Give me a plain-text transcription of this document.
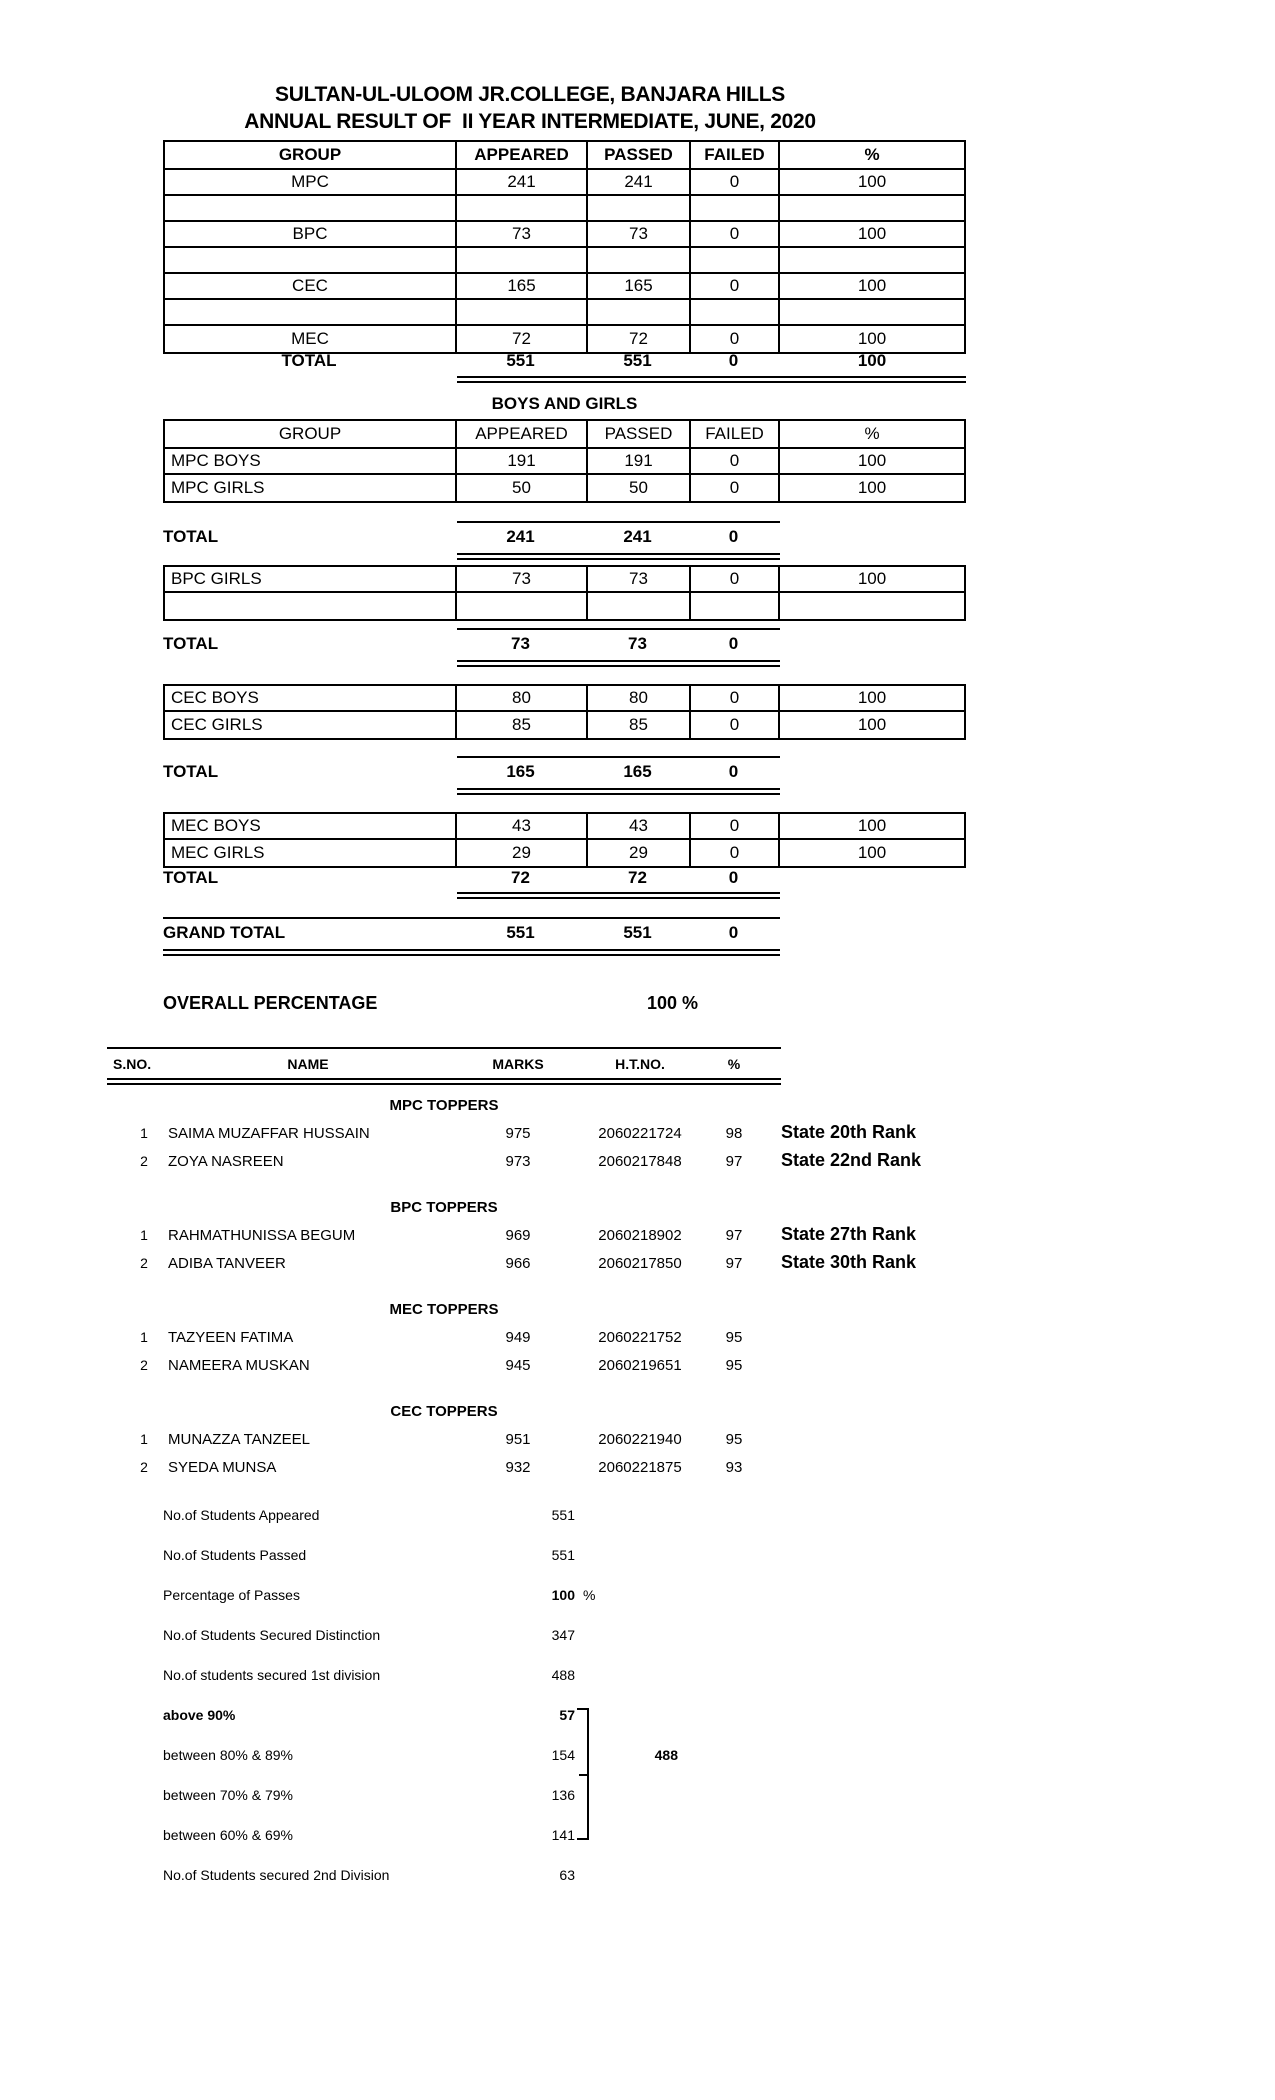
SULTAN-UL-ULOOM JR.COLLEGE, BANJARA HILLS
ANNUAL RESULT OF  II YEAR INTERMEDIATE, JUNE, 2020
GROUP	APPEARED	PASSED	FAILED	%
MPC	241	241	0	100
BPC	73	73	0	100
CEC	165	165	0	100
MEC	72	72	0	100
TOTAL	551	551	0	100
BOYS AND GIRLS
GROUP	APPEARED	PASSED	FAILED	%
MPC BOYS	191	191	0	100
MPC GIRLS	50	50	0	100
TOTAL	241	241	0
BPC GIRLS	73	73	0	100
TOTAL	73	73	0
CEC BOYS	80	80	0	100
CEC GIRLS	85	85	0	100
TOTAL	165	165	0
MEC BOYS	43	43	0	100
MEC GIRLS	29	29	0	100
TOTAL	72	72	0
GRAND TOTAL	551	551	0
OVERALL PERCENTAGE	100 %
S.NO.	NAME	MARKS	H.T.NO.	%
MPC TOPPERS
1	SAIMA MUZAFFAR HUSSAIN	975	2060221724	98	State 20th Rank
2	ZOYA NASREEN	973	2060217848	97	State 22nd Rank
BPC TOPPERS
1	RAHMATHUNISSA BEGUM	969	2060218902	97	State 27th Rank
2	ADIBA TANVEER	966	2060217850	97	State 30th Rank
MEC TOPPERS
1	TAZYEEN FATIMA	949	2060221752	95
2	NAMEERA MUSKAN	945	2060219651	95
CEC TOPPERS
1	MUNAZZA TANZEEL	951	2060221940	95
2	SYEDA MUNSA	932	2060221875	93
No.of Students Appeared	551
No.of Students Passed	551
Percentage of Passes	100 %
No.of Students Secured Distinction	347
No.of students secured 1st division	488
above 90%	57
between 80% & 89%	154
between 70% & 79%	136
between 60% & 69%	141
No.of Students secured 2nd Division	63
488
